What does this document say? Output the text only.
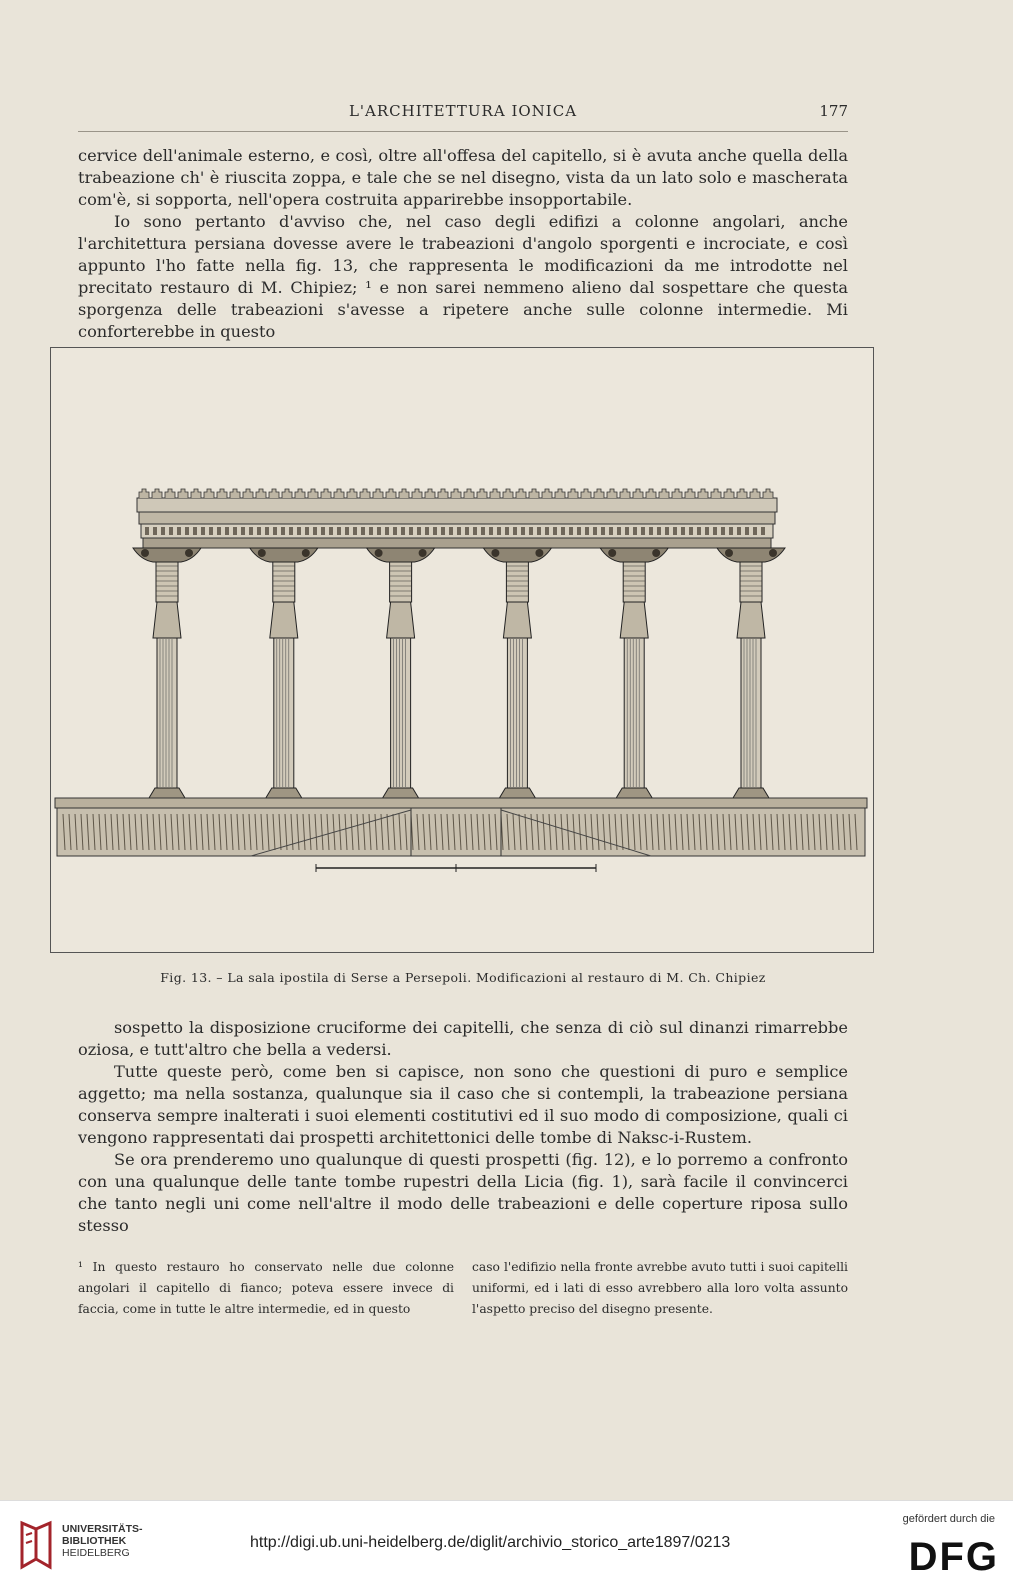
L'ARCHITETTURA IONICA	177

cervice dell'animale esterno, e così, oltre all'offesa del capitello, si è avuta anche quella della trabeazione ch' è riuscita zoppa, e tale che se nel disegno, vista da un lato solo e mascherata com'è, si sopporta, nell'opera costruita apparirebbe insopportabile.

Io sono pertanto d'avviso che, nel caso degli edifizi a colonne angolari, anche l'architettura persiana dovesse avere le trabeazioni d'angolo sporgenti e incrociate, e così appunto l'ho fatte nella fig. 13, che rappresenta le modificazioni da me introdotte nel precitato restauro di M. Chipiez; ¹ e non sarei nemmeno alieno dal sospettare che questa sporgenza delle trabeazioni s'avesse a ripetere anche sulle colonne intermedie. Mi conforterebbe in questo

Fig. 13. – La sala ipostila di Serse a Persepoli. Modificazioni al restauro di M. Ch. Chipiez

sospetto la disposizione cruciforme dei capitelli, che senza di ciò sul dinanzi rimarrebbe oziosa, e tutt'altro che bella a vedersi.

Tutte queste però, come ben si capisce, non sono che questioni di puro e semplice aggetto; ma nella sostanza, qualunque sia il caso che si contempli, la trabeazione persiana conserva sempre inalterati i suoi elementi costitutivi ed il suo modo di composizione, quali ci vengono rappresentati dai prospetti architettonici delle tombe di Naksc-i-Rustem.

Se ora prenderemo uno qualunque di questi prospetti (fig. 12), e lo porremo a confronto con una qualunque delle tante tombe rupestri della Licia (fig. 1), sarà facile il convincerci che tanto negli uni come nell'altre il modo delle trabeazioni e delle coperture riposa sullo stesso

¹ In questo restauro ho conservato nelle due colonne angolari il capitello di fianco; poteva essere invece di faccia, come in tutte le altre intermedie, ed in questo
caso l'edifizio nella fronte avrebbe avuto tutti i suoi capitelli uniformi, ed i lati di esso avrebbero alla loro volta assunto l'aspetto preciso del disegno presente.
UNIVERSITÄTS-
BIBLIOTHEK
HEIDELBERG
http://digi.ub.uni-heidelberg.de/diglit/archivio_storico_arte1897/0213
gefördert durch die
DFG
